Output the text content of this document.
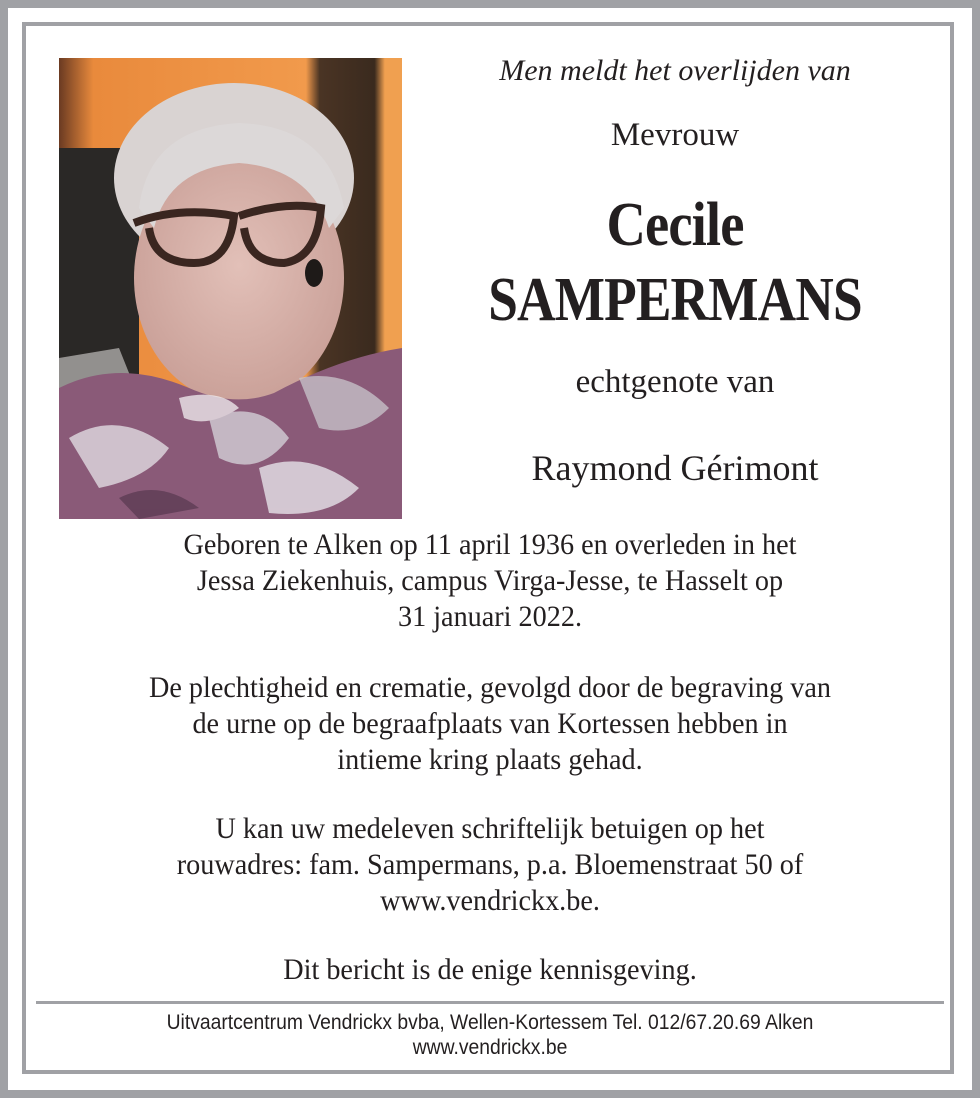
Men meldt het overlijden van
Mevrouw
Cecile
SAMPERMANS
echtgenote van
Raymond Gérimont
Geboren te Alken op 11 april 1936 en overleden in het
Jessa Ziekenhuis, campus Virga-Jesse, te Hasselt op
31 januari 2022.
De plechtigheid en crematie, gevolgd door de begraving van
de urne op de begraafplaats van Kortessen hebben in
intieme kring plaats gehad.
U kan uw medeleven schriftelijk betuigen op het
rouwadres: fam. Sampermans, p.a. Bloemenstraat 50 of
www.vendrickx.be.
Dit bericht is de enige kennisgeving.
Uitvaartcentrum Vendrickx bvba, Wellen-Kortessem Tel. 012/67.20.69 Alken
www.vendrickx.be
